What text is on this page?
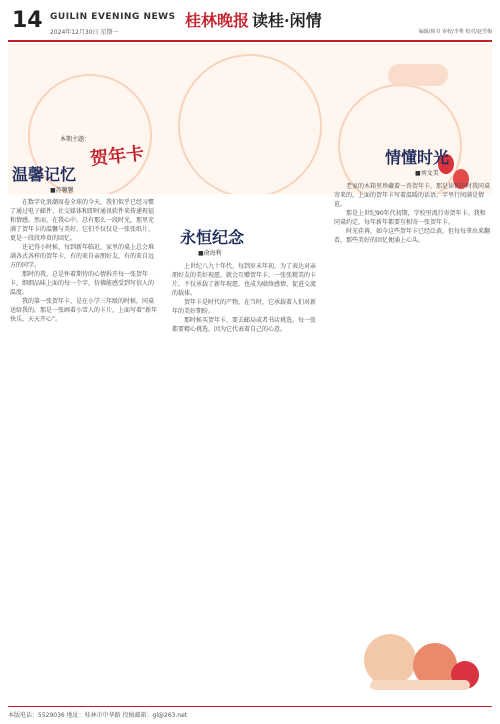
14 GUILIN EVENING NEWS
2024年12月30日 星期一
桂林晚报 读桂·闲情
编辑/韩书 审校/李秀 校对/赵雪梅
本期主题：
贺年卡
温馨记忆
■苏馨馨

在数字化浪潮席卷全球的今天，我们似乎已经习惯了通过电子邮件、社交媒体和即时通讯软件来传递祝福和情感。然而，在我心中，总有那么一段时光，那里充满了贺年卡的温馨与美好，它们不仅仅是一张张纸片，更是一段段珍贵的回忆。

还记得小时候，每到新年临近，家里的桌上总会堆满各式各样的贺年卡，有的来自亲朋好友，有的来自远方的同学。

那时的我，总是怀着期待的心情拆开每一张贺年卡，细细品味上面的每一个字，仿佛能感受到写信人的温度。

我的第一张贺年卡，是在小学三年级的时候，同桌送给我的。那是一张画着小雪人的卡片，上面写着“新年快乐，天天开心”。

永恒纪念
■俞海利

上世纪八九十年代，每到岁末年初，为了表达对亲朋好友的美好祝愿，就会互赠贺年卡。一张张精美的卡片，不仅承载了新年祝愿，也成为联络感情、促进交流的载体。

贺年卡是时代的产物，在当时，它承载着人们对新年的美好期盼。

那时候买贺年卡，要去邮局或者书店挑选，每一张都要精心挑选，因为它代表着自己的心意。

情懂时光
■刘文美

老家的木箱里珍藏着一沓贺年卡，那是读初中时我同桌寄来的。上面的贺年卡写着温暖的话语，字里行间满是情谊。

那是上世纪90年代初期，学校里流行寄贺年卡。我和同桌约定，每年新年都要互相寄一张贺年卡。

时光荏苒，如今这些贺年卡已经泛黄，但每每拿出来翻看，那些美好的回忆便涌上心头。

本版电话：5529036 地址：桂林市中华路 投稿邮箱：gl@263.net
